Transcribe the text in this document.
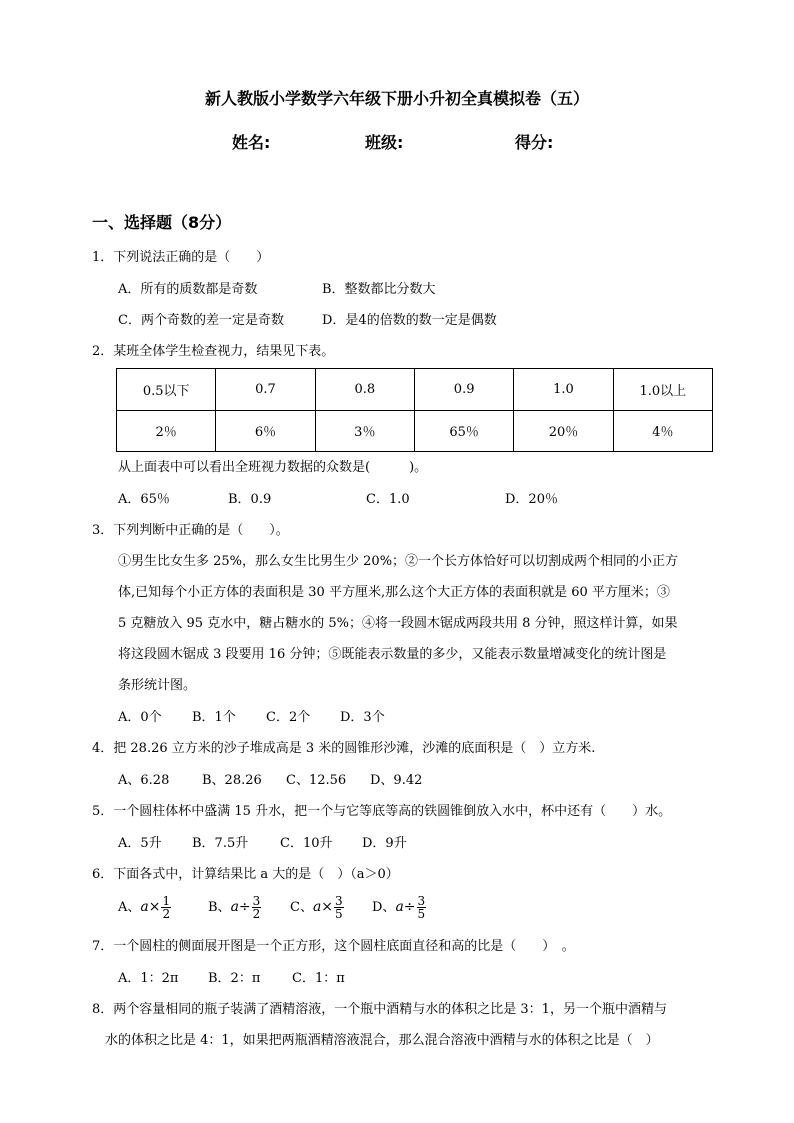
新人教版小学数学六年级下册小升初全真模拟卷（五）
姓名:	班级:	得分:
一、选择题（8分）
1．下列说法正确的是（　　）
A．所有的质数都是奇数	B．整数都比分数大
C．两个奇数的差一定是奇数	D．是4的倍数的数一定是偶数
2．某班全体学生检查视力，结果见下表。
0.5以下	0.7	0.8	0.9	1.0	1.0以上
2％	6％	3％	65％	20％	4％
从上面表中可以看出全班视力数据的众数是(　　　)。
A．65％	B．0.9	C．1.0	D．20％
3．下列判断中正确的是（　　）。
①男生比女生多 25%，那么女生比男生少 20%；②一个长方体恰好可以切割成两个相同的小正方
体,已知每个小正方体的表面积是 30 平方厘米,那么这个大正方体的表面积就是 60 平方厘米；③
5 克糖放入 95 克水中，糖占糖水的 5%；④将一段圆木锯成两段共用 8 分钟，照这样计算，如果
将这段圆木锯成 3 段要用 16 分钟；⑤既能表示数量的多少，又能表示数量增减变化的统计图是
条形统计图。
A．0个 B．1个 C．2个 D．3个
4．把 28.26 立方米的沙子堆成高是 3 米的圆锥形沙滩，沙滩的底面积是（　）立方米.
A、6.28	B、28.26 C、12.56 D、9.42
5．一个圆柱体杯中盛满 15 升水，把一个与它等底等高的铁圆锥倒放入水中，杯中还有（　　）水。
A．5升 B．7.5升 C．10升 D．9升
6．下面各式中，计算结果比 a 大的是（　）（a＞0）
A、$a\times \frac{1}{2}$	B、$a\div \frac{3}{2}$ C、$a\times \frac{3}{5}$ D、$a\div \frac{3}{5}$
7．一个圆柱的侧面展开图是一个正方形，这个圆柱底面直径和高的比是（　　）　。
A．1：2π B．2：π C．1：π
8．两个容量相同的瓶子装满了酒精溶液，一个瓶中酒精与水的体积之比是 3：1，另一个瓶中酒精与
水的体积之比是 4：1，如果把两瓶酒精溶液混合，那么混合溶液中酒精与水的体积之比是（　）
